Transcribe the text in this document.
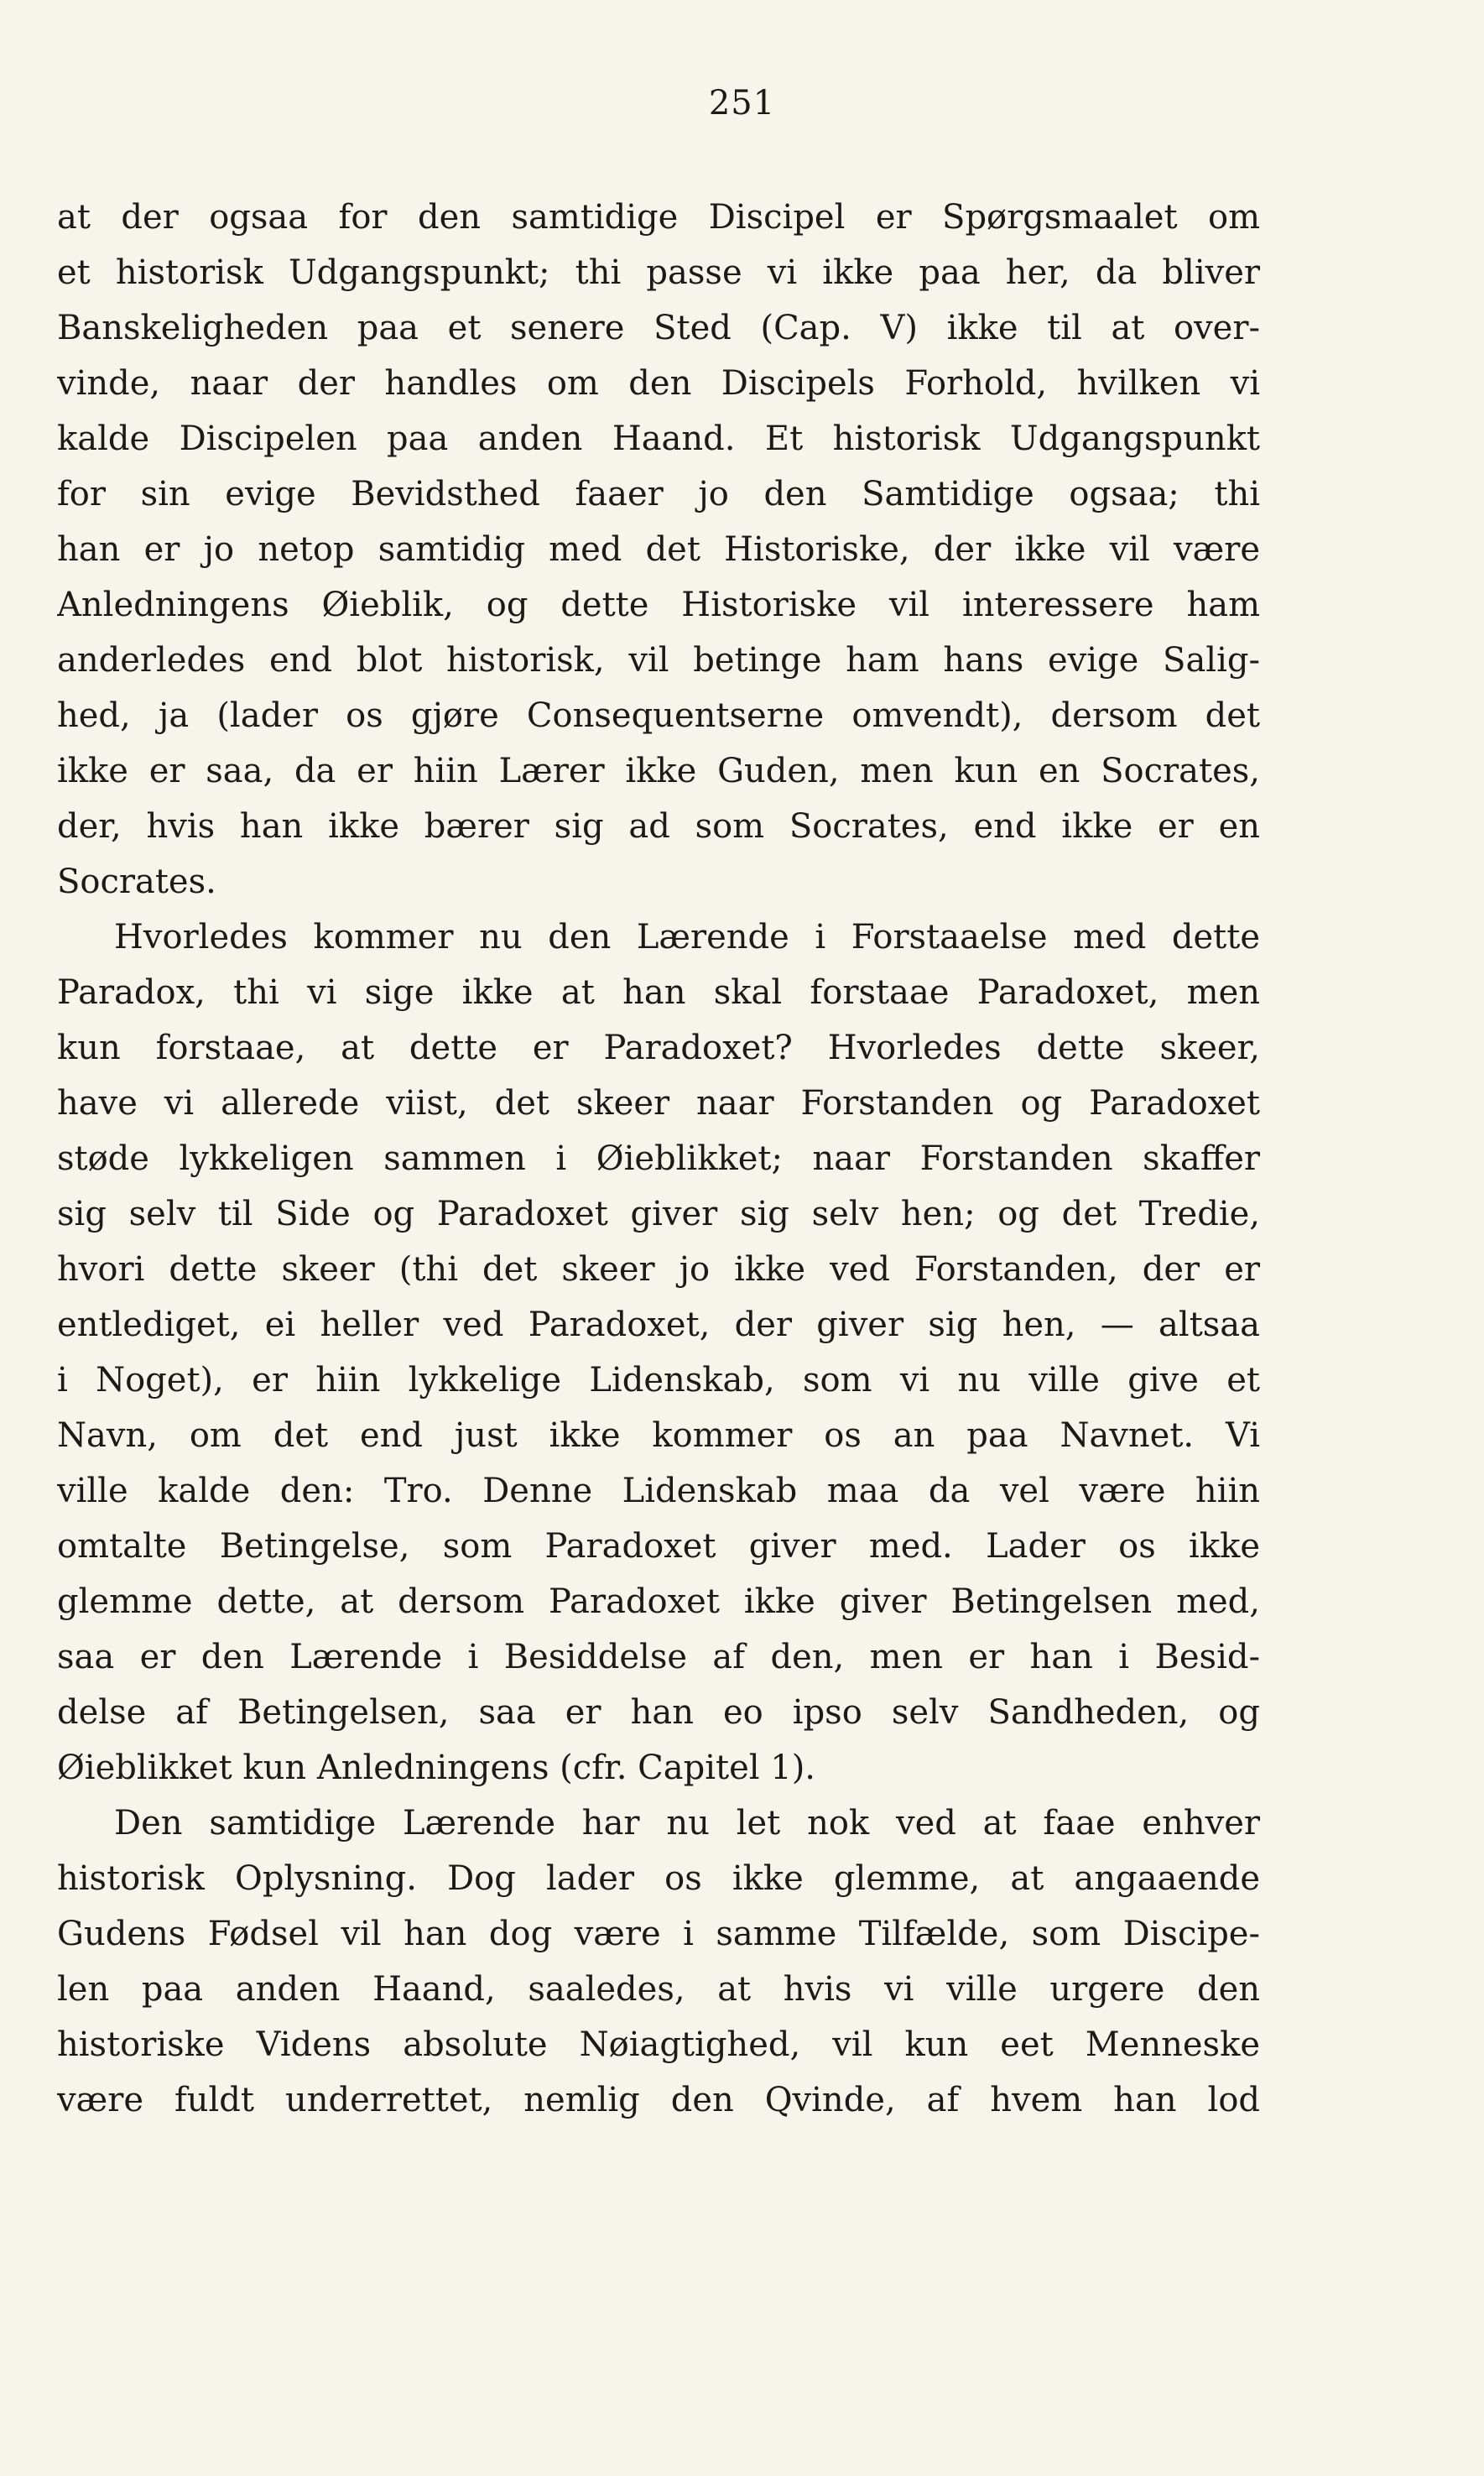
251
at der ogsaa for den samtidige Discipel er Spørgsmaalet om
et historisk Udgangspunkt; thi passe vi ikke paa her, da bliver
Banskeligheden paa et senere Sted (Cap. V) ikke til at over-
vinde, naar der handles om den Discipels Forhold, hvilken vi
kalde Discipelen paa anden Haand. Et historisk Udgangspunkt
for sin evige Bevidsthed faaer jo den Samtidige ogsaa; thi
han er jo netop samtidig med det Historiske, der ikke vil være
Anledningens Øieblik, og dette Historiske vil interessere ham
anderledes end blot historisk, vil betinge ham hans evige Salig-
hed, ja (lader os gjøre Consequentserne omvendt), dersom det
ikke er saa, da er hiin Lærer ikke Guden, men kun en Socrates,
der, hvis han ikke bærer sig ad som Socrates, end ikke er en
Socrates.
Hvorledes kommer nu den Lærende i Forstaaelse med dette
Paradox, thi vi sige ikke at han skal forstaae Paradoxet, men
kun forstaae, at dette er Paradoxet? Hvorledes dette skeer,
have vi allerede viist, det skeer naar Forstanden og Paradoxet
støde lykkeligen sammen i Øieblikket; naar Forstanden skaffer
sig selv til Side og Paradoxet giver sig selv hen; og det Tredie,
hvori dette skeer (thi det skeer jo ikke ved Forstanden, der er
entlediget, ei heller ved Paradoxet, der giver sig hen, — altsaa
i Noget), er hiin lykkelige Lidenskab, som vi nu ville give et
Navn, om det end just ikke kommer os an paa Navnet. Vi
ville kalde den: Tro. Denne Lidenskab maa da vel være hiin
omtalte Betingelse, som Paradoxet giver med. Lader os ikke
glemme dette, at dersom Paradoxet ikke giver Betingelsen med,
saa er den Lærende i Besiddelse af den, men er han i Besid-
delse af Betingelsen, saa er han eo ipso selv Sandheden, og
Øieblikket kun Anledningens (cfr. Capitel 1).
Den samtidige Lærende har nu let nok ved at faae enhver
historisk Oplysning. Dog lader os ikke glemme, at angaaende
Gudens Fødsel vil han dog være i samme Tilfælde, som Discipe-
len paa anden Haand, saaledes, at hvis vi ville urgere den
historiske Videns absolute Nøiagtighed, vil kun eet Menneske
være fuldt underrettet, nemlig den Qvinde, af hvem han lod
